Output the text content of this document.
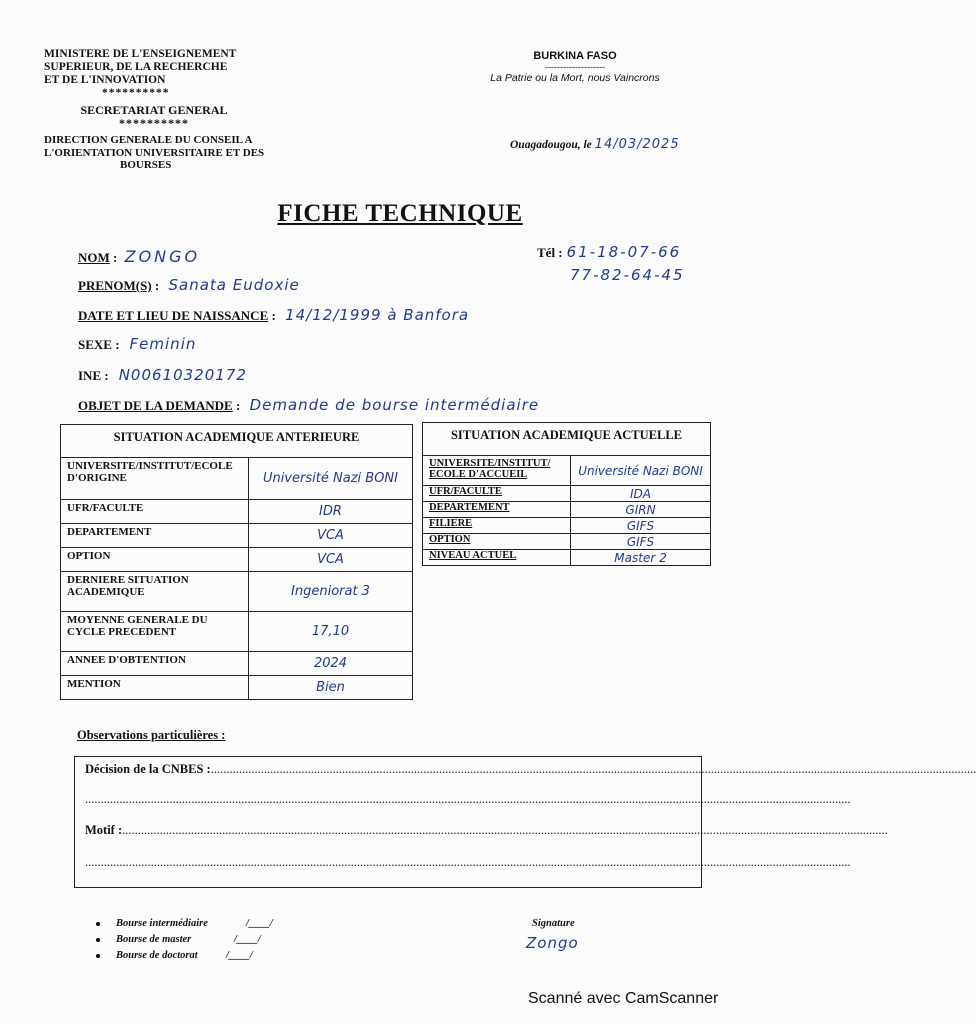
MINISTERE DE L'ENSEIGNEMENT
SUPERIEUR, DE LA RECHERCHE
ET DE L'INNOVATION
**********
SECRETARIAT GENERAL
**********
DIRECTION GENERALE DU CONSEIL A
L'ORIENTATION UNIVERSITAIRE ET DES
BOURSES
BURKINA FASO
--------------------
La Patrie ou la Mort, nous Vaincrons
Ouagadougou, le 14/03/2025
FICHE TECHNIQUE
NOM : ZONGO	Tél : 61-18-07-66
77-82-64-45
PRENOM(S) : Sanata Eudoxie
DATE ET LIEU DE NAISSANCE : 14/12/1999 à Banfora
SEXE : Feminin
INE : N00610320172
OBJET DE LA DEMANDE : Demande de bourse intermédiaire
SITUATION ACADEMIQUE ANTERIEURE	
UNIVERSITE/INSTITUT/ECOLE D'ORIGINE	Université Nazi BONI
UFR/FACULTE	IDR
DEPARTEMENT	VCA
OPTION	VCA
DERNIERE SITUATION ACADEMIQUE	Ingeniorat 3
MOYENNE GENERALE DU CYCLE PRECEDENT	17,10
ANNEE D'OBTENTION	2024
MENTION	Bien
SITUATION ACADEMIQUE ACTUELLE	
UNIVERSITE/INSTITUT/ ECOLE D'ACCUEIL	Université Nazi BONI
UFR/FACULTE	IDA
DEPARTEMENT	GIRN
FILIERE	GIFS
OPTION	GIFS
NIVEAU ACTUEL	Master 2
Observations particulières :
Décision de la CNBES :.....................................................................................................................................................................................................................................................
.....................................................................................................................................................................................................................................................
Motif :.....................................................................................................................................................................................................................................................
.....................................................................................................................................................................................................................................................
Bourse intermédiaire	/____/
Bourse de master	/____/
Bourse de doctorat	/____/
Signature
Zongo
Scanné avec CamScanner
